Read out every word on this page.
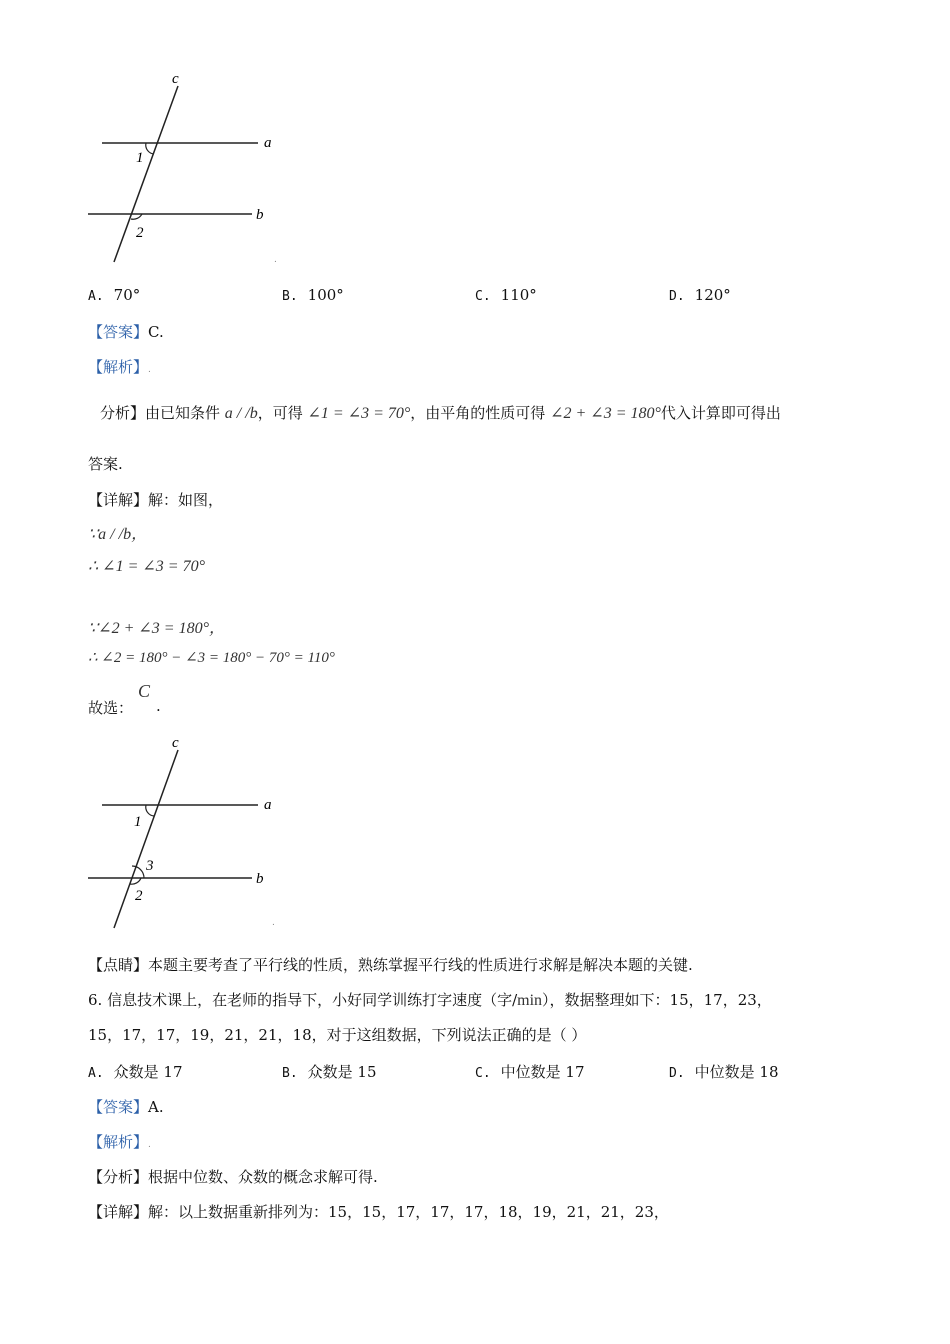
c
a
b
1
2
.
A. 70°	B. 100°	C. 110°	D. 120°
【答案】C.
【解析】.
分析】由已知条件 a / /b，可得 ∠1 = ∠3 = 70°，由平角的性质可得 ∠2 + ∠3 = 180°代入计算即可得出
答案.
【详解】解：如图，
∵a / /b，
∴ ∠1 = ∠3 = 70°
∵∠2 + ∠3 = 180°，
∴ ∠2 = 180° − ∠3 = 180° − 70° = 110°
故选：
C
.
c
a
b
1
3
2
.
【点睛】本题主要考查了平行线的性质，熟练掌握平行线的性质进行求解是解决本题的关键.
6. 信息技术课上，在老师的指导下，小好同学训练打字速度（字/min），数据整理如下：15，17，23，
15，17，17，19，21，21，18，对于这组数据，下列说法正确的是（ ）
A. 众数是 17	B. 众数是 15	C. 中位数是 17	D. 中位数是 18
【答案】A.
【解析】.
【分析】根据中位数、众数的概念求解可得.
【详解】解：以上数据重新排列为：15，15，17，17，17，18，19，21，21，23，
